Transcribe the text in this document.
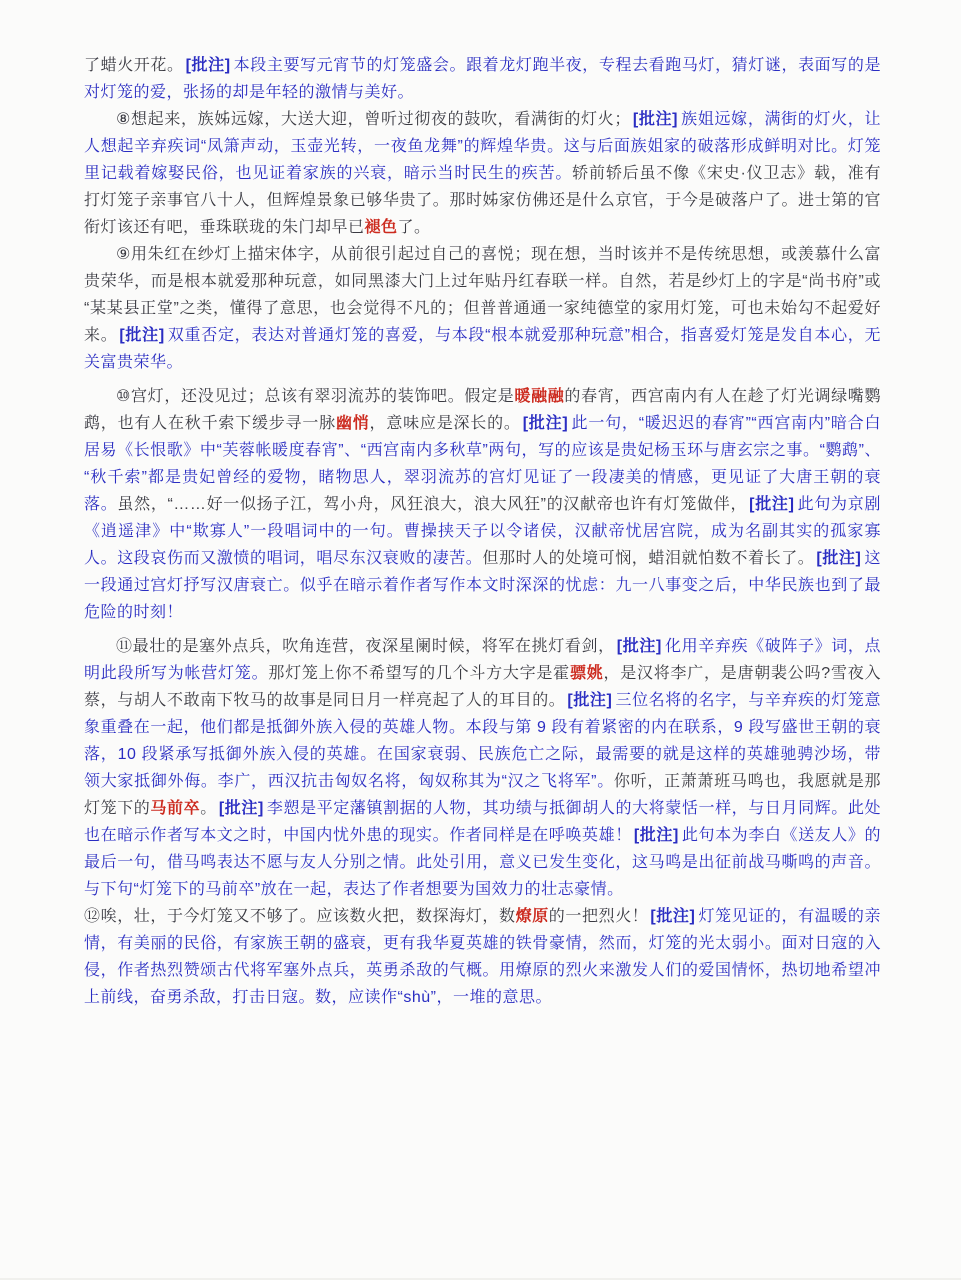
了蜡火开花。 [批注] 本段主要写元宵节的灯笼盛会。跟着龙灯跑半夜，专程去看跑马灯，猜灯谜，表面写的是对灯笼的爱，张扬的却是年轻的激情与美好。

⑧想起来，族姊远嫁，大送大迎，曾听过彻夜的鼓吹，看满街的灯火； [批注] 族姐远嫁，满街的灯火，让人想起辛弃疾词“凤箫声动，玉壶光转，一夜鱼龙舞”的辉煌华贵。这与后面族姐家的破落形成鲜明对比。灯笼里记载着嫁娶民俗，也见证着家族的兴衰，暗示当时民生的疾苦。轿前轿后虽不像《宋史·仪卫志》载，准有打灯笼子亲事官八十人，但辉煌景象已够华贵了。那时姊家仿佛还是什么京官，于今是破落户了。进士第的官衔灯该还有吧，垂珠联珑的朱门却早已褪色了。

⑨用朱红在纱灯上描宋体字，从前很引起过自己的喜悦；现在想，当时该并不是传统思想，或羡慕什么富贵荣华，而是根本就爱那种玩意，如同黑漆大门上过年贴丹红春联一样。自然，若是纱灯上的字是“尚书府”或“某某县正堂”之类，懂得了意思，也会觉得不凡的；但普普通通一家纯德堂的家用灯笼，可也未始勾不起爱好来。 [批注] 双重否定，表达对普通灯笼的喜爱，与本段“根本就爱那种玩意”相合，指喜爱灯笼是发自本心，无关富贵荣华。

⑩宫灯，还没见过；总该有翠羽流苏的装饰吧。假定是暖融融的春宵，西宫南内有人在趁了灯光调绿嘴鹦鹉，也有人在秋千索下缓步寻一脉幽悄，意味应是深长的。 [批注] 此一句，“暖迟迟的春宵”“西宫南内”暗合白居易《长恨歌》中“芙蓉帐暖度春宵”、“西宫南内多秋草”两句，写的应该是贵妃杨玉环与唐玄宗之事。“鹦鹉”、“秋千索”都是贵妃曾经的爱物，睹物思人，翠羽流苏的宫灯见证了一段凄美的情感，更见证了大唐王朝的衰落。虽然，“……好一似扬子江，驾小舟，风狂浪大，浪大风狂”的汉献帝也许有灯笼做伴， [批注] 此句为京剧《逍遥津》中“欺寡人”一段唱词中的一句。曹操挟天子以令诸侯，汉献帝忧居宫院，成为名副其实的孤家寡人。这段哀伤而又激愤的唱词，唱尽东汉衰败的凄苦。但那时人的处境可悯，蜡泪就怕数不着长了。 [批注] 这一段通过宫灯抒写汉唐衰亡。似乎在暗示着作者写作本文时深深的忧虑：九一八事变之后，中华民族也到了最危险的时刻！

⑪最壮的是塞外点兵，吹角连营，夜深星阑时候，将军在挑灯看剑， [批注] 化用辛弃疾《破阵子》词，点明此段所写为帐营灯笼。那灯笼上你不希望写的几个斗方大字是霍骠姚，是汉将李广，是唐朝裴公吗?雪夜入蔡，与胡人不敢南下牧马的故事是同日月一样亮起了人的耳目的。 [批注] 三位名将的名字，与辛弃疾的灯笼意象重叠在一起，他们都是抵御外族入侵的英雄人物。本段与第 9 段有着紧密的内在联系，9 段写盛世王朝的衰落，10 段紧承写抵御外族入侵的英雄。在国家衰弱、民族危亡之际，最需要的就是这样的英雄驰骋沙场，带领大家抵御外侮。李广，西汉抗击匈奴名将，匈奴称其为“汉之飞将军”。你听，正萧萧班马鸣也，我愿就是那灯笼下的马前卒。 [批注] 李愬是平定藩镇割据的人物，其功绩与抵御胡人的大将蒙恬一样，与日月同辉。此处也在暗示作者写本文之时，中国内忧外患的现实。作者同样是在呼唤英雄！ [批注] 此句本为李白《送友人》的最后一句，借马鸣表达不愿与友人分别之情。此处引用，意义已发生变化，这马鸣是出征前战马嘶鸣的声音。与下句“灯笼下的马前卒”放在一起，表达了作者想要为国效力的壮志豪情。

⑫唉，壮，于今灯笼又不够了。应该数火把，数探海灯，数燎原的一把烈火！ [批注] 灯笼见证的，有温暖的亲情，有美丽的民俗，有家族王朝的盛衰，更有我华夏英雄的铁骨豪情，然而，灯笼的光太弱小。面对日寇的入侵，作者热烈赞颂古代将军塞外点兵，英勇杀敌的气概。用燎原的烈火来激发人们的爱国情怀，热切地希望冲上前线，奋勇杀敌，打击日寇。数，应读作“shù”，一堆的意思。
